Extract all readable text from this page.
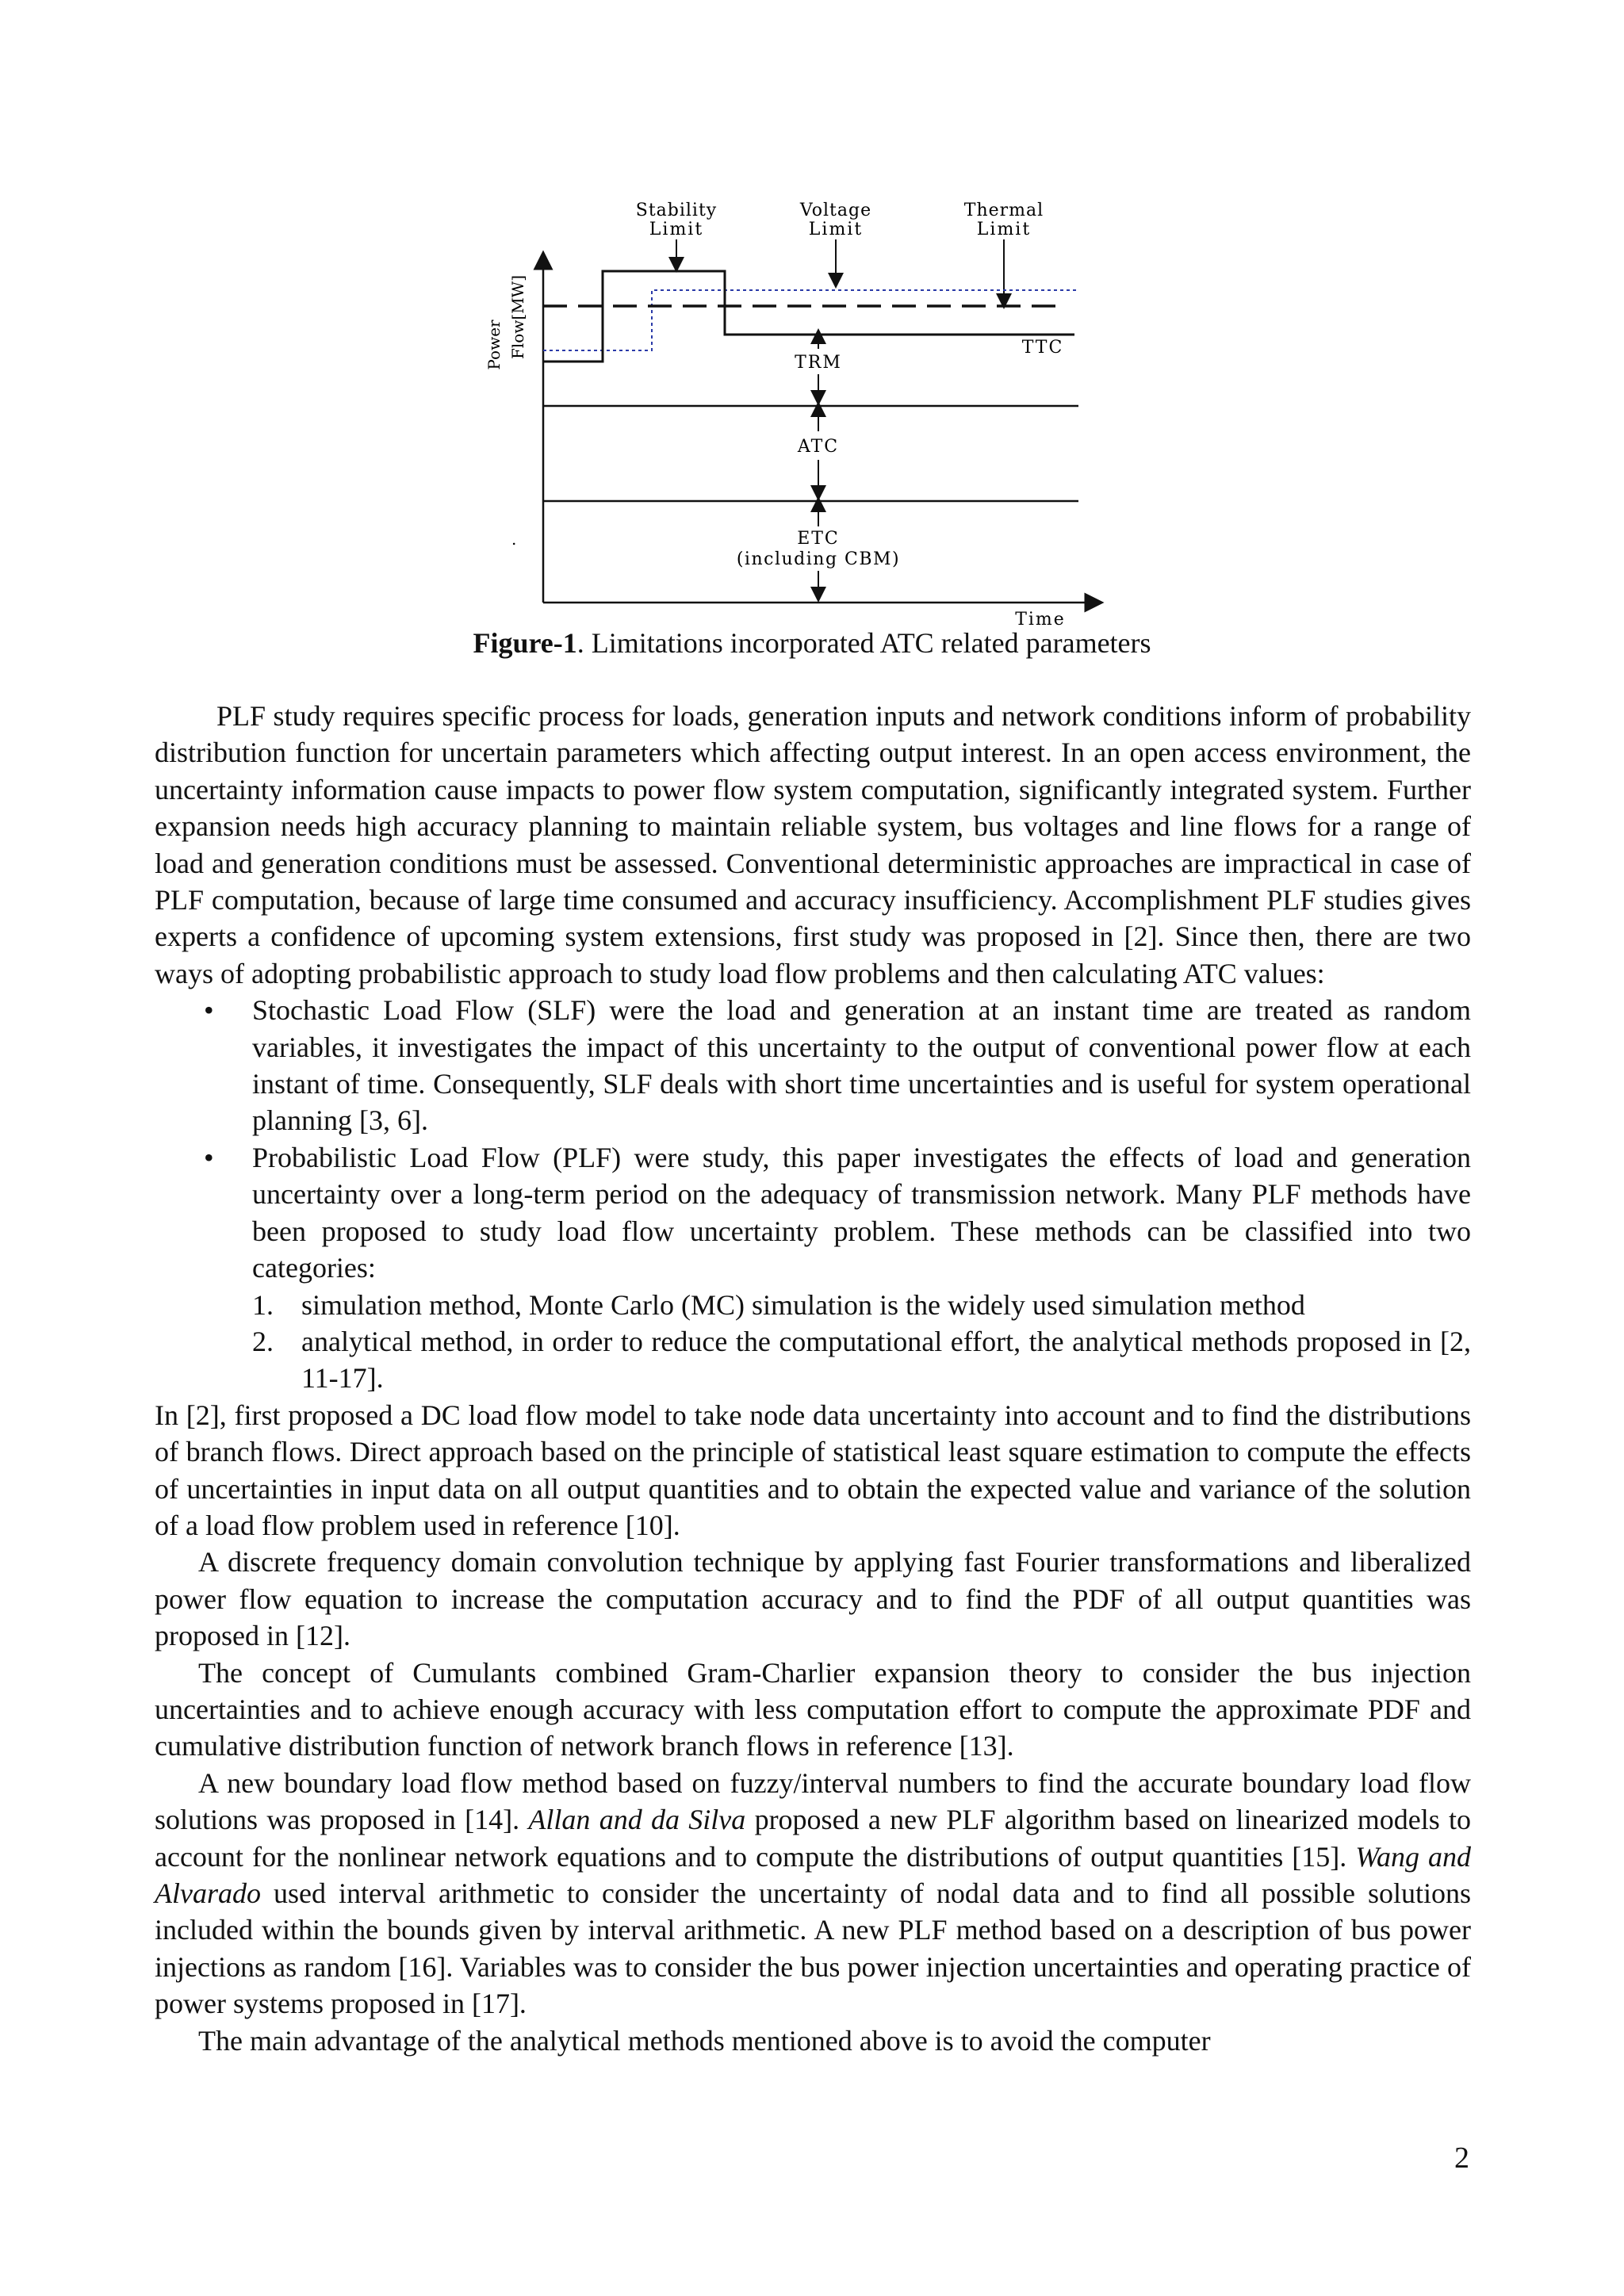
Stability
Limit
Voltage
Limit
Thermal
Limit
Power Flow[MW]	TTC
TRM
ATC
ETC
(including CBM)
.
Time
Figure-1. Limitations incorporated ATC related parameters

PLF study requires specific process for loads, generation inputs and network conditions inform of probability distribution function for uncertain parameters which affecting output interest. In an open access environment, the uncertainty information cause impacts to power flow system computation, significantly integrated system. Further expansion needs high accuracy planning to maintain reliable system, bus voltages and line flows for a range of load and generation conditions must be assessed. Conventional deterministic approaches are impractical in case of PLF computation, because of large time consumed and accuracy insufficiency. Accomplishment PLF studies gives experts a confidence of upcoming system extensions, first study was proposed in [2]. Since then, there are two ways of adopting probabilistic approach to study load flow problems and then calculating ATC values:

• Stochastic Load Flow (SLF) were the load and generation at an instant time are treated as random variables, it investigates the impact of this uncertainty to the output of conventional power flow at each instant of time. Consequently, SLF deals with short time uncertainties and is useful for system operational planning [3, 6].
• Probabilistic Load Flow (PLF) were study, this paper investigates the effects of load and generation uncertainty over a long-term period on the adequacy of transmission network. Many PLF methods have been proposed to study load flow uncertainty problem. These methods can be classified into two categories:
1. simulation method, Monte Carlo (MC) simulation is the widely used simulation method
2. analytical method, in order to reduce the computational effort, the analytical methods proposed in [2, 11-17].

In [2], first proposed a DC load flow model to take node data uncertainty into account and to find the distributions of branch flows. Direct approach based on the principle of statistical least square estimation to compute the effects of uncertainties in input data on all output quantities and to obtain the expected value and variance of the solution of a load flow problem used in reference [10].

A discrete frequency domain convolution technique by applying fast Fourier transformations and liberalized power flow equation to increase the computation accuracy and to find the PDF of all output quantities was proposed in [12].

The concept of Cumulants combined Gram-Charlier expansion theory to consider the bus injection uncertainties and to achieve enough accuracy with less computation effort to compute the approximate PDF and cumulative distribution function of network branch flows in reference [13].

A new boundary load flow method based on fuzzy/interval numbers to find the accurate boundary load flow solutions was proposed in [14]. Allan and da Silva proposed a new PLF algorithm based on linearized models to account for the nonlinear network equations and to compute the distributions of output quantities [15]. Wang and Alvarado used interval arithmetic to consider the uncertainty of nodal data and to find all possible solutions included within the bounds given by interval arithmetic. A new PLF method based on a description of bus power injections as random [16]. Variables was to consider the bus power injection uncertainties and operating practice of power systems proposed in [17].

The main advantage of the analytical methods mentioned above is to avoid the computer

2
